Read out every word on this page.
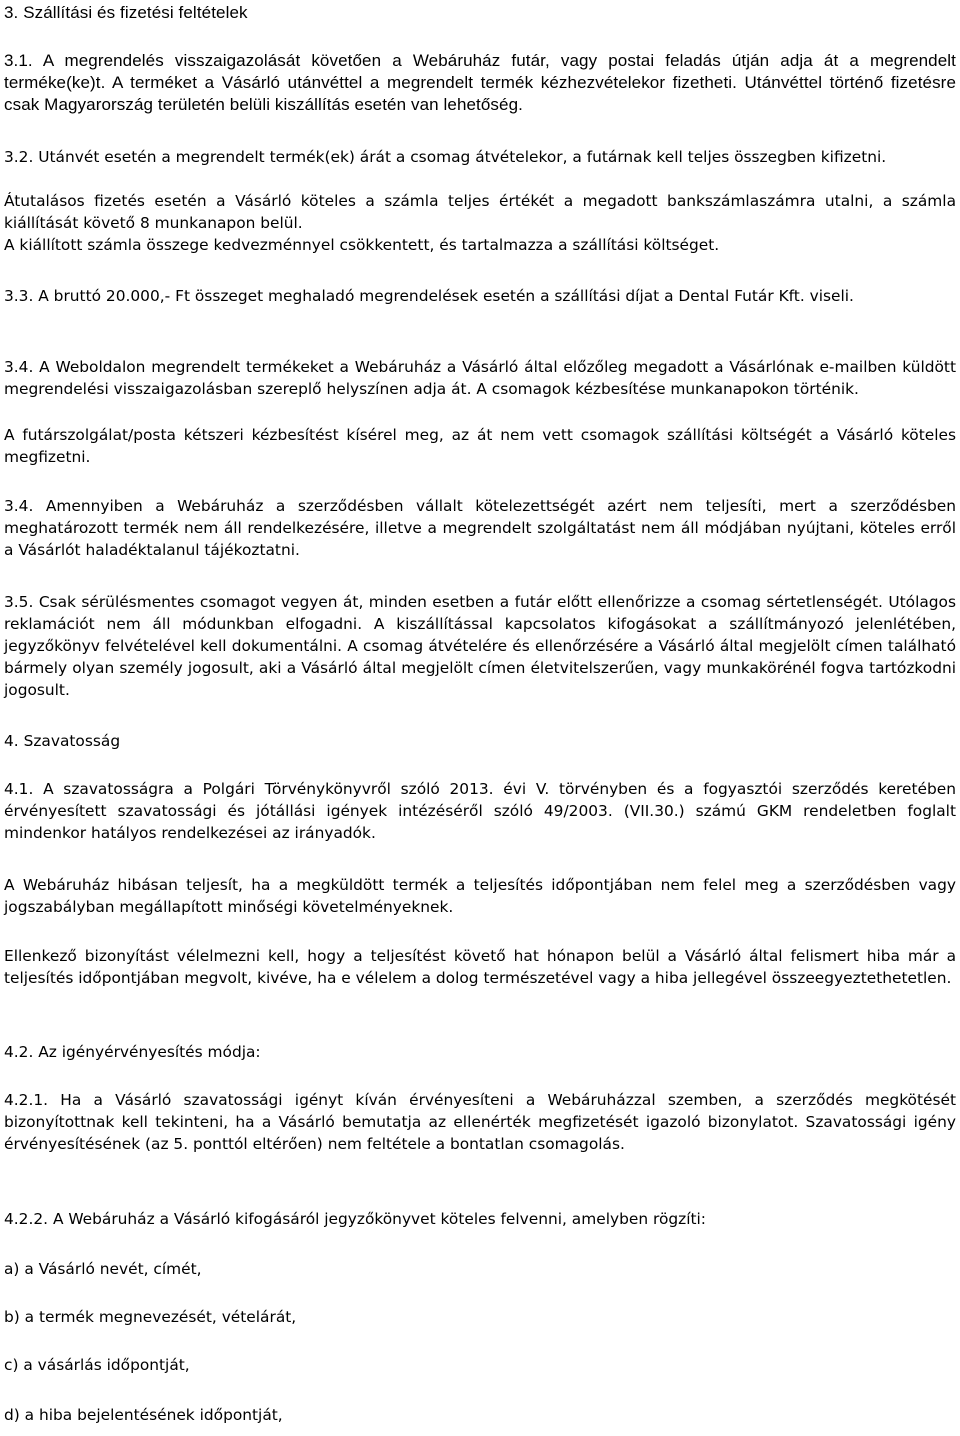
3. Szállítási és fizetési feltételek

3.1. A megrendelés visszaigazolását követően a Webáruház futár, vagy postai feladás útján adja át a megrendelt terméke(ke)t. A terméket a Vásárló utánvéttel a megrendelt termék kézhezvételekor fizetheti. Utánvéttel történő fizetésre csak Magyarország területén belüli kiszállítás esetén van lehetőség.

3.2. Utánvét esetén a megrendelt termék(ek) árát a csomag átvételekor, a futárnak kell teljes összegben kifizetni.

Átutalásos fizetés esetén a Vásárló köteles a számla teljes értékét a megadott bankszámlaszámra utalni, a számla kiállítását követő 8 munkanapon belül.

A kiállított számla összege kedvezménnyel csökkentett, és tartalmazza a szállítási költséget.

3.3. A bruttó 20.000,- Ft összeget meghaladó megrendelések esetén a szállítási díjat a Dental Futár Kft. viseli.

3.4. A Weboldalon megrendelt termékeket a Webáruház a Vásárló által előzőleg megadott a Vásárlónak e-mailben küldött megrendelési visszaigazolásban szereplő helyszínen adja át. A csomagok kézbesítése munkanapokon történik.

A futárszolgálat/posta kétszeri kézbesítést kísérel meg, az át nem vett csomagok szállítási költségét a Vásárló köteles megfizetni.

3.4. Amennyiben a Webáruház a szerződésben vállalt kötelezettségét azért nem teljesíti, mert a szerződésben meghatározott termék nem áll rendelkezésére, illetve a megrendelt szolgáltatást nem áll módjában nyújtani, köteles erről a Vásárlót haladéktalanul tájékoztatni.

3.5. Csak sérülésmentes csomagot vegyen át, minden esetben a futár előtt ellenőrizze a csomag sértetlenségét. Utólagos reklamációt nem áll módunkban elfogadni. A kiszállítással kapcsolatos kifogásokat a szállítmányozó jelenlétében, jegyzőkönyv felvételével kell dokumentálni. A csomag átvételére és ellenőrzésére a Vásárló által megjelölt címen található bármely olyan személy jogosult, aki a Vásárló által megjelölt címen életvitelszerűen, vagy munkakörénél fogva tartózkodni jogosult.

4. Szavatosság

4.1. A szavatosságra a Polgári Törvénykönyvről szóló 2013. évi V. törvényben és a fogyasztói szerződés keretében érvényesített szavatossági és jótállási igények intézéséről szóló 49/2003. (VII.30.) számú GKM rendeletben foglalt mindenkor hatályos rendelkezései az irányadók.

A Webáruház hibásan teljesít, ha a megküldött termék a teljesítés időpontjában nem felel meg a szerződésben vagy jogszabályban megállapított minőségi követelményeknek.

Ellenkező bizonyítást vélelmezni kell, hogy a teljesítést követő hat hónapon belül a Vásárló által felismert hiba már a teljesítés időpontjában megvolt, kivéve, ha e vélelem a dolog természetével vagy a hiba jellegével összeegyeztethetetlen.

4.2. Az igényérvényesítés módja:

4.2.1. Ha a Vásárló szavatossági igényt kíván érvényesíteni a Webáruházzal szemben, a szerződés megkötését bizonyítottnak kell tekinteni, ha a Vásárló bemutatja az ellenérték megfizetését igazoló bizonylatot. Szavatossági igény érvényesítésének (az 5. ponttól eltérően) nem feltétele a bontatlan csomagolás.

4.2.2. A Webáruház a Vásárló kifogásáról jegyzőkönyvet köteles felvenni, amelyben rögzíti:

a) a Vásárló nevét, címét,

b) a termék megnevezését, vételárát,

c) a vásárlás időpontját,

d) a hiba bejelentésének időpontját,
